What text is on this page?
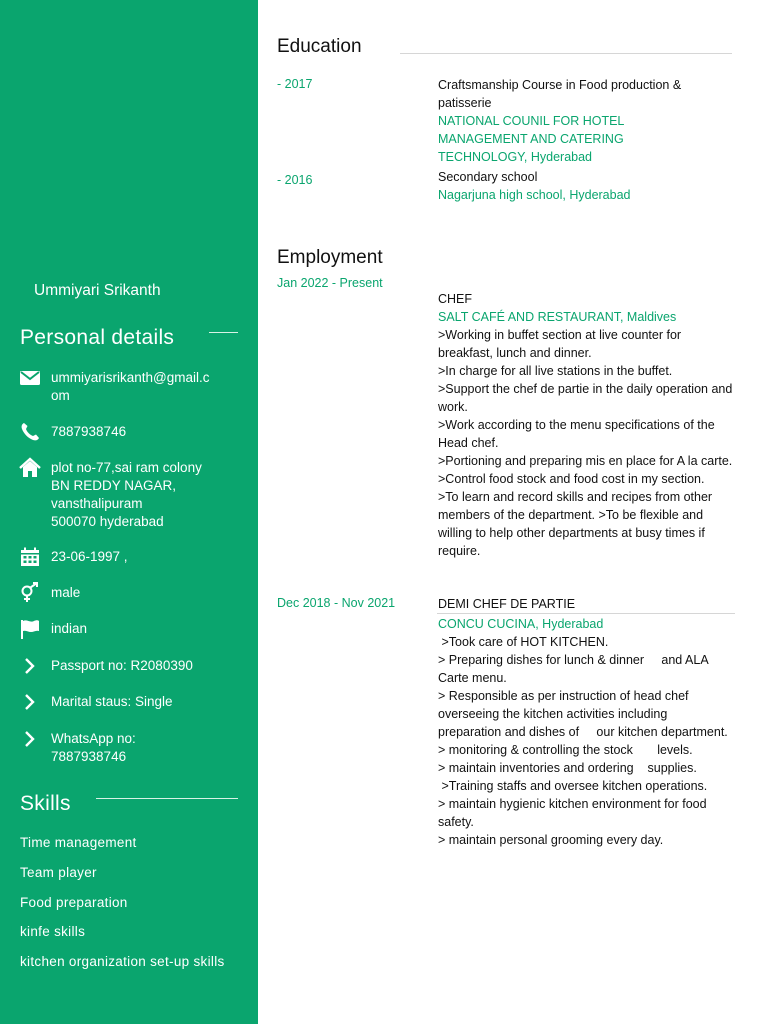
Ummiyari Srikanth
Personal details
ummiyarisrikanth@gmail.c
om
7887938746
plot no-77,sai ram colony
BN REDDY NAGAR,
vansthalipuram
500070 hyderabad
23-06-1997 ,
male
indian
Passport no: R2080390
Marital staus: Single
WhatsApp no:
7887938746
Skills
Time management
Team player
Food preparation
kinfe skills
kitchen organization set-up skills
Education
- 2017	Craftsmanship Course in Food production & patisserie
NATIONAL COUNIL FOR HOTEL MANAGEMENT AND CATERING TECHNOLOGY, Hyderabad
- 2016	Secondary school
Nagarjuna high school, Hyderabad
Employment
Jan 2022 - Present
CHEF
SALT CAFÉ AND RESTAURANT, Maldives
>Working in buffet section at live counter for breakfast, lunch and dinner.
>In charge for all live stations in the buffet.
>Support the chef de partie in the daily operation and work.
>Work according to the menu specifications of the Head chef.
>Portioning and preparing mis en place for A la carte.
>Control food stock and food cost in my section.
>To learn and record skills and recipes from other members of the department. >To be flexible and willing to help other departments at busy times if require.
Dec 2018 - Nov 2021	DEMI CHEF DE PARTIE
CONCU CUCINA, Hyderabad
>Took care of HOT KITCHEN.
> Preparing dishes for lunch & dinner     and ALA Carte menu.
> Responsible as per instruction of head chef  overseeing the kitchen activities including preparation and dishes of     our kitchen department.
> monitoring & controlling the stock       levels.
> maintain inventories and ordering    supplies.
>Training staffs and oversee kitchen operations.
> maintain hygienic kitchen environment for food safety.
> maintain personal grooming every day.
